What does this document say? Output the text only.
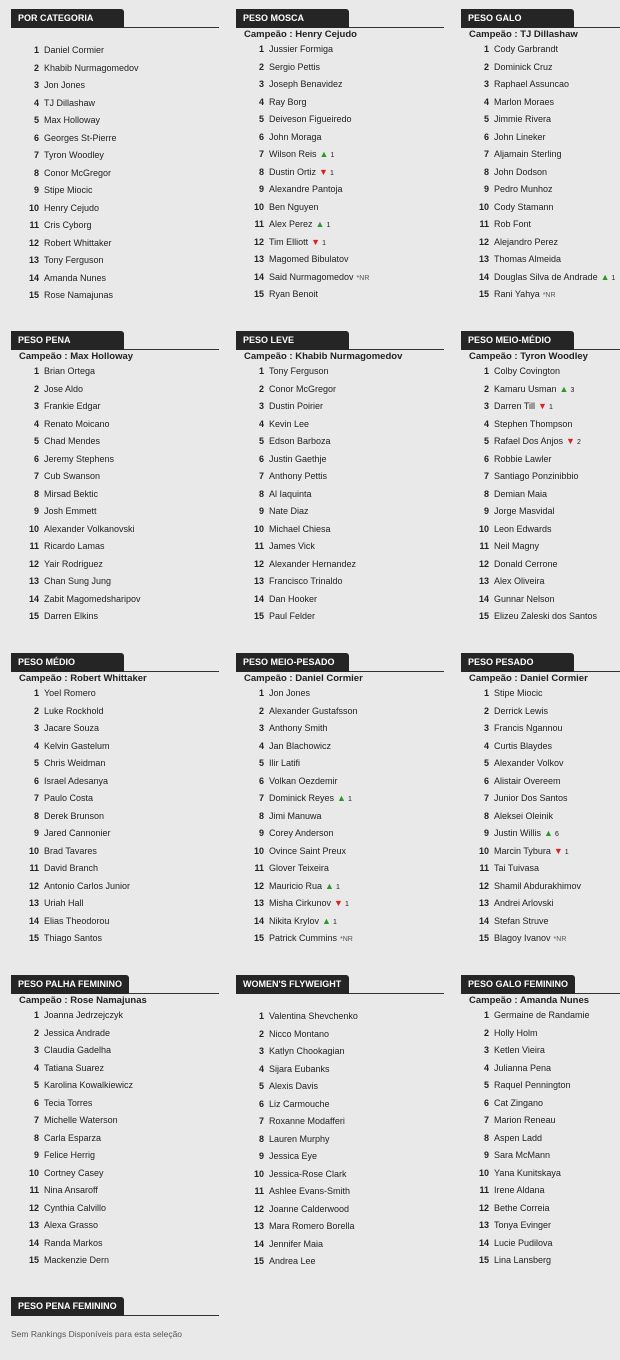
POR CATEGORIA
1 Daniel Cormier
2 Khabib Nurmagomedov
3 Jon Jones
4 TJ Dillashaw
5 Max Holloway
6 Georges St-Pierre
7 Tyron Woodley
8 Conor McGregor
9 Stipe Miocic
10 Henry Cejudo
11 Cris Cyborg
12 Robert Whittaker
13 Tony Ferguson
14 Amanda Nunes
15 Rose Namajunas
PESO MOSCA
Campeão : Henry Cejudo
1 Jussier Formiga
2 Sergio Pettis
3 Joseph Benavidez
4 Ray Borg
5 Deiveson Figueiredo
6 John Moraga
7 Wilson Reis ▲ 1
8 Dustin Ortiz ▼ 1
9 Alexandre Pantoja
10 Ben Nguyen
11 Alex Perez ▲ 1
12 Tim Elliott ▼ 1
13 Magomed Bibulatov
14 Said Nurmagomedov *NR
15 Ryan Benoit
PESO GALO
Campeão : TJ Dillashaw
1 Cody Garbrandt
2 Dominick Cruz
3 Raphael Assuncao
4 Marlon Moraes
5 Jimmie Rivera
6 John Lineker
7 Aljamain Sterling
8 John Dodson
9 Pedro Munhoz
10 Cody Stamann
11 Rob Font
12 Alejandro Perez
13 Thomas Almeida
14 Douglas Silva de Andrade ▲ 1
15 Rani Yahya *NR
PESO PENA
Campeão : Max Holloway
1 Brian Ortega
2 Jose Aldo
3 Frankie Edgar
4 Renato Moicano
5 Chad Mendes
6 Jeremy Stephens
7 Cub Swanson
8 Mirsad Bektic
9 Josh Emmett
10 Alexander Volkanovski
11 Ricardo Lamas
12 Yair Rodriguez
13 Chan Sung Jung
14 Zabit Magomedsharipov
15 Darren Elkins
PESO LEVE
Campeão : Khabib Nurmagomedov
1 Tony Ferguson
2 Conor McGregor
3 Dustin Poirier
4 Kevin Lee
5 Edson Barboza
6 Justin Gaethje
7 Anthony Pettis
8 Al Iaquinta
9 Nate Diaz
10 Michael Chiesa
11 James Vick
12 Alexander Hernandez
13 Francisco Trinaldo
14 Dan Hooker
15 Paul Felder
PESO MEIO-MÉDIO
Campeão : Tyron Woodley
1 Colby Covington
2 Kamaru Usman ▲ 3
3 Darren Till ▼ 1
4 Stephen Thompson
5 Rafael Dos Anjos ▼ 2
6 Robbie Lawler
7 Santiago Ponzinibbio
8 Demian Maia
9 Jorge Masvidal
10 Leon Edwards
11 Neil Magny
12 Donald Cerrone
13 Alex Oliveira
14 Gunnar Nelson
15 Elizeu Zaleski dos Santos
PESO MÉDIO
Campeão : Robert Whittaker
1 Yoel Romero
2 Luke Rockhold
3 Jacare Souza
4 Kelvin Gastelum
5 Chris Weidman
6 Israel Adesanya
7 Paulo Costa
8 Derek Brunson
9 Jared Cannonier
10 Brad Tavares
11 David Branch
12 Antonio Carlos Junior
13 Uriah Hall
14 Elias Theodorou
15 Thiago Santos
PESO MEIO-PESADO
Campeão : Daniel Cormier
1 Jon Jones
2 Alexander Gustafsson
3 Anthony Smith
4 Jan Blachowicz
5 Ilir Latifi
6 Volkan Oezdemir
7 Dominick Reyes ▲ 1
8 Jimi Manuwa
9 Corey Anderson
10 Ovince Saint Preux
11 Glover Teixeira
12 Mauricio Rua ▲ 1
13 Misha Cirkunov ▼ 1
14 Nikita Krylov ▲ 1
15 Patrick Cummins *NR
PESO PESADO
Campeão : Daniel Cormier
1 Stipe Miocic
2 Derrick Lewis
3 Francis Ngannou
4 Curtis Blaydes
5 Alexander Volkov
6 Alistair Overeem
7 Junior Dos Santos
8 Aleksei Oleinik
9 Justin Willis ▲ 6
10 Marcin Tybura ▼ 1
11 Tai Tuivasa
12 Shamil Abdurakhimov
13 Andrei Arlovski
14 Stefan Struve
15 Blagoy Ivanov *NR
PESO PALHA FEMININO
Campeão : Rose Namajunas
1 Joanna Jedrzejczyk
2 Jessica Andrade
3 Claudia Gadelha
4 Tatiana Suarez
5 Karolina Kowalkiewicz
6 Tecia Torres
7 Michelle Waterson
8 Carla Esparza
9 Felice Herrig
10 Cortney Casey
11 Nina Ansaroff
12 Cynthia Calvillo
13 Alexa Grasso
14 Randa Markos
15 Mackenzie Dern
WOMEN'S FLYWEIGHT
1 Valentina Shevchenko
2 Nicco Montano
3 Katlyn Chookagian
4 Sijara Eubanks
5 Alexis Davis
6 Liz Carmouche
7 Roxanne Modafferi
8 Lauren Murphy
9 Jessica Eye
10 Jessica-Rose Clark
11 Ashlee Evans-Smith
12 Joanne Calderwood
13 Mara Romero Borella
14 Jennifer Maia
15 Andrea Lee
PESO GALO FEMININO
Campeão : Amanda Nunes
1 Germaine de Randamie
2 Holly Holm
3 Ketlen Vieira
4 Julianna Pena
5 Raquel Pennington
6 Cat Zingano
7 Marion Reneau
8 Aspen Ladd
9 Sara McMann
10 Yana Kunitskaya
11 Irene Aldana
12 Bethe Correia
13 Tonya Evinger
14 Lucie Pudilova
15 Lina Lansberg
PESO PENA FEMININO
Sem Rankings Disponíveis para esta seleção
